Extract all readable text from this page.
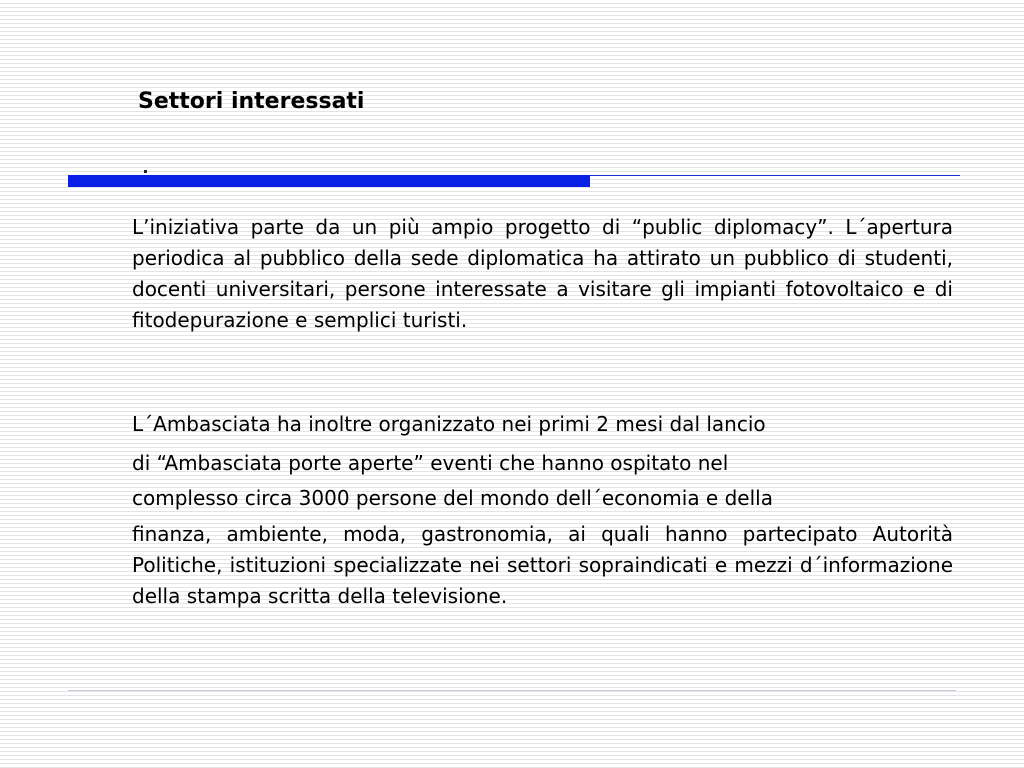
Settori interessati

L’iniziativa parte da un più ampio progetto di “public diplomacy”. L´apertura periodica al pubblico della sede diplomatica ha attirato un pubblico di studenti, docenti universitari, persone interessate a visitare gli impianti fotovoltaico e di fitodepurazione e semplici turisti.

L´Ambasciata ha inoltre organizzato nei primi 2 mesi dal lancio

di “Ambasciata porte aperte” eventi che hanno ospitato nel

complesso circa 3000 persone del mondo dell´economia e della

finanza, ambiente, moda, gastronomia, ai quali hanno partecipato Autorità Politiche, istituzioni specializzate nei settori sopraindicati e mezzi d´informazione della stampa scritta della televisione.
